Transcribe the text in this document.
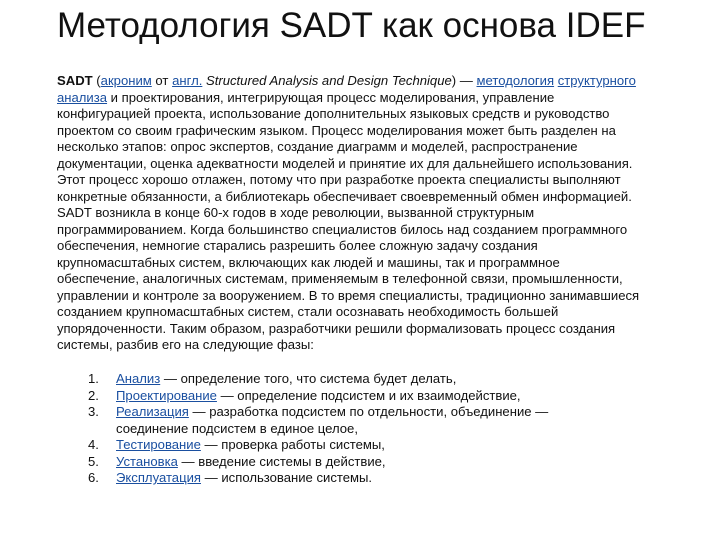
Методология SADT как основа IDEF
SADT (акроним от англ. Structured Analysis and Design Technique) — методология структурного
анализа и проектирования, интегрирующая процесс моделирования, управление
конфигурацией проекта, использование дополнительных языковых средств и руководство
проектом со своим графическим языком. Процесс моделирования может быть разделен на
несколько этапов: опрос экспертов, создание диаграмм и моделей, распространение
документации, оценка адекватности моделей и принятие их для дальнейшего использования.
Этот процесс хорошо отлажен, потому что при разработке проекта специалисты выполняют
конкретные обязанности, а библиотекарь обеспечивает своевременный обмен информацией.
SADT возникла в конце 60-х годов в ходе революции, вызванной структурным
программированием. Когда большинство специалистов билось над созданием программного
обеспечения, немногие старались разрешить более сложную задачу создания
крупномасштабных систем, включающих как людей и машины, так и программное
обеспечение, аналогичных системам, применяемым в телефонной связи, промышленности,
управлении и контроле за вооружением. В то время специалисты, традиционно занимавшиеся
созданием крупномасштабных систем, стали осознавать необходимость большей
упорядоченности. Таким образом, разработчики решили формализовать процесс создания
системы, разбив его на следующие фазы:
1.	Анализ — определение того, что система будет делать,
2.	Проектирование — определение подсистем и их взаимодействие,
3.	Реализация — разработка подсистем по отдельности, объединение —
соединение подсистем в единое целое,
4.	Тестирование — проверка работы системы,
5.	Установка — введение системы в действие,
6.	Эксплуатация — использование системы.
